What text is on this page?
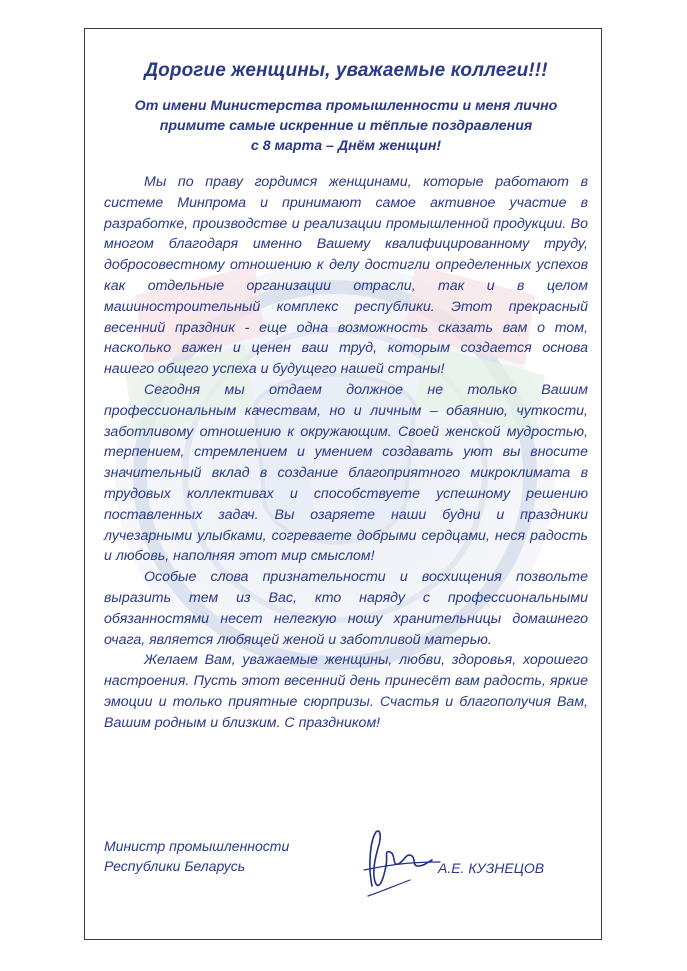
Дорогие женщины, уважаемые коллеги!!!
От имени Министерства промышленности и меня лично
примите самые искренние и тёплые поздравления
с 8 марта – Днём женщин!

Мы по праву гордимся женщинами, которые работают в системе Минпрома и принимают самое активное участие в разработке, производстве и реализации промышленной продукции. Во многом благодаря именно Вашему квалифицированному труду, добросовестному отношению к делу достигли определенных успехов как отдельные организации отрасли, так и в целом машиностроительный комплекс республики. Этот прекрасный весенний праздник - еще одна возможность сказать вам о том, насколько важен и ценен ваш труд, которым создается основа нашего общего успеха и будущего нашей страны!

Сегодня мы отдаем должное не только Вашим профессиональным качествам, но и личным – обаянию, чуткости, заботливому отношению к окружающим. Своей женской мудростью, терпением, стремлением и умением создавать уют вы вносите значительный вклад в создание благоприятного микроклимата в трудовых коллективах и способствуете успешному решению поставленных задач. Вы озаряете наши будни и праздники лучезарными улыбками, согреваете добрыми сердцами, неся радость и любовь, наполняя этот мир смыслом!

Особые слова признательности и восхищения позвольте выразить тем из Вас, кто наряду с профессиональными обязанностями несет нелегкую ношу хранительницы домашнего очага, является любящей женой и заботливой матерью.

Желаем Вам, уважаемые женщины, любви, здоровья, хорошего настроения. Пусть этот весенний день принесёт вам радость, яркие эмоции и только приятные сюрпризы. Счастья и благополучия Вам, Вашим родным и близким. С праздником!

Министр промышленности
Республики Беларусь	А.Е. КУЗНЕЦОВ
